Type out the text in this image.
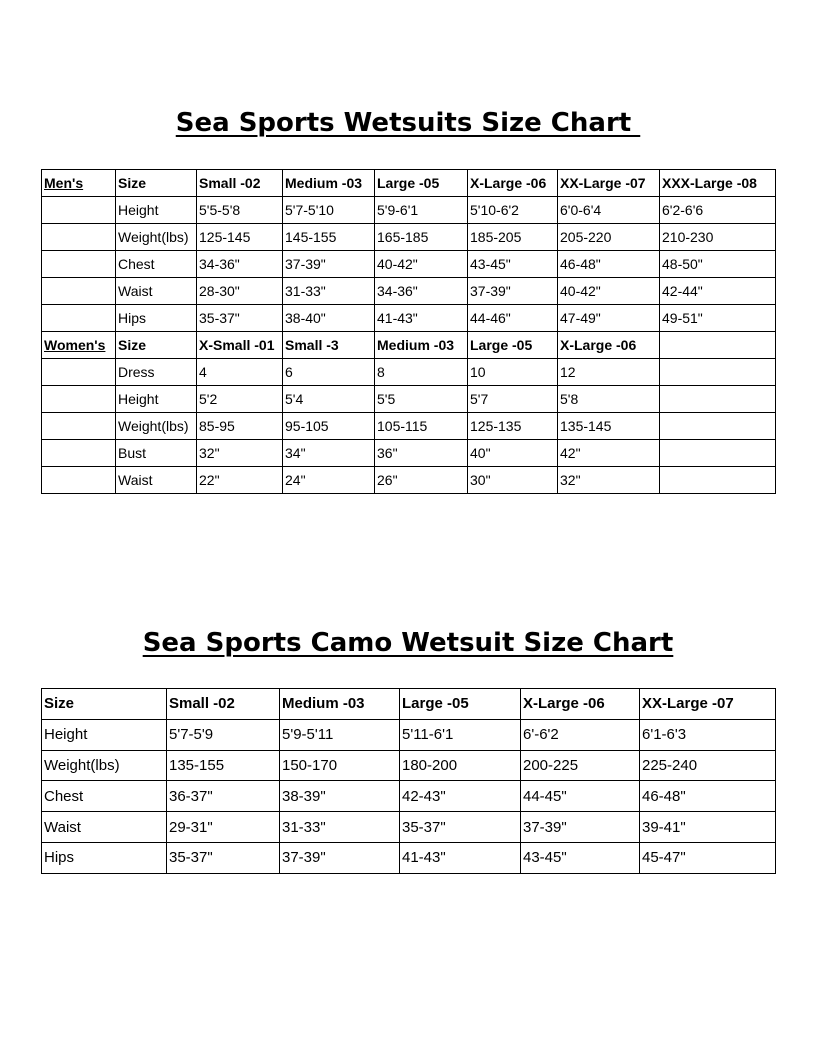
Sea Sports Wetsuits Size Chart
Men's	Size	Small -02	Medium -03	Large -05	X-Large -06	XX-Large -07	XXX-Large -08
	Height	5'5-5'8	5'7-5'10	5'9-6'1	5'10-6'2	6'0-6'4	6'2-6'6
	Weight(lbs)	125-145	145-155	165-185	185-205	205-220	210-230
	Chest	34-36"	37-39"	40-42"	43-45"	46-48"	48-50"
	Waist	28-30"	31-33"	34-36"	37-39"	40-42"	42-44"
	Hips	35-37"	38-40"	41-43"	44-46"	47-49"	49-51"
Women's	Size	X-Small -01	Small -3	Medium -03	Large -05	X-Large -06	
	Dress	4	6	8	10	12	
	Height	5'2	5'4	5'5	5'7	5'8	
	Weight(lbs)	85-95	95-105	105-115	125-135	135-145	
	Bust	32"	34"	36"	40"	42"	
	Waist	22"	24"	26"	30"	32"	
Sea Sports Camo Wetsuit Size Chart
Size	Small -02	Medium -03	Large -05	X-Large -06	XX-Large -07
Height	5'7-5'9	5'9-5'11	5'11-6'1	6'-6'2	6'1-6'3
Weight(lbs)	135-155	150-170	180-200	200-225	225-240
Chest	36-37"	38-39"	42-43"	44-45"	46-48"
Waist	29-31"	31-33"	35-37"	37-39"	39-41"
Hips	35-37"	37-39"	41-43"	43-45"	45-47"
